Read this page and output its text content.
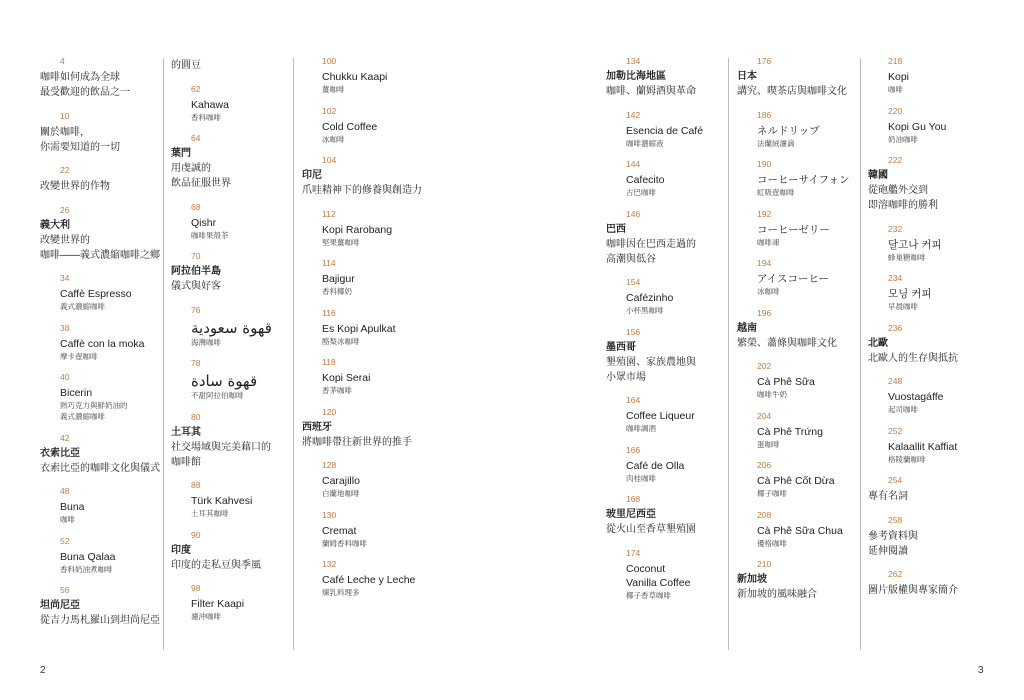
4
咖啡如何成為全球
最受歡迎的飲品之一
10
關於咖啡，
你需要知道的一切
22
改變世界的作物
26
義大利
改變世界的
咖啡——義式濃縮咖啡之鄉
34
Caffè Espresso
義式濃縮咖啡
38
Caffè con la moka
摩卡壺咖啡
40
Bicerin
熱巧克力與鮮奶油的
義式濃縮咖啡
42
衣索比亞
衣索比亞的咖啡文化與儀式
48
Buna
咖啡
52
Buna Qalaa
香料奶油煮咖啡
56
坦尚尼亞
從吉力馬札羅山到坦尚尼亞
的圓豆
62
Kahawa
香料咖啡
64
葉門
用虔誠的
飲品征服世界
68
Qishr
咖啡果殼茶
70
阿拉伯半島
儀式與好客
76
قهوة سعودية
海灣咖啡
78
قهوة سادة
不甜阿拉伯咖啡
80
土耳其
社交場域與完美藉口的
咖啡館
88
Türk Kahvesi
土耳其咖啡
90
印度
印度的走私豆與季風
98
Filter Kaapi
濾沖咖啡
100
Chukku Kaapi
薑咖啡
102
Cold Coffee
冰咖啡
104
印尼
爪哇精神下的修養與創造力
112
Kopi Rarobang
堅果薑咖啡
114
Bajigur
香料椰奶
116
Es Kopi Apulkat
酪梨冰咖啡
118
Kopi Serai
香茅咖啡
120
西班牙
將咖啡帶往新世界的推手
128
Carajillo
白蘭地咖啡
130
Cremat
蘭姆香料咖啡
132
Café Leche y Leche
煉乳料理多
134
加勒比海地區
咖啡、蘭姆酒與革命
142
Esencia de Café
咖啡濃縮液
144
Cafecito
古巴咖啡
146
巴西
咖啡因在巴西走過的
高潮與低谷
154
Cafézinho
小杯黑咖啡
156
墨西哥
墾殖園、家族農地與
小眾市場
164
Coffee Liqueur
咖啡調酒
166
Café de Olla
肉桂咖啡
168
玻里尼西亞
從火山至香草墾殖園
174
Coconut
Vanilla Coffee
椰子香草咖啡
176
日本
講究、喫茶店與咖啡文化
186
ネルドリップ
法蘭絨濾滴
190
コーヒーサイフォン
虹吸壺咖啡
192
コーヒーゼリー
咖啡凍
194
アイスコーヒー
冰咖啡
196
越南
繁榮、蕭條與咖啡文化
202
Cà Phê Sữa
咖啡牛奶
204
Cà Phê Trứng
蛋咖啡
206
Cà Phê Cốt Dừa
椰子咖啡
208
Cà Phê Sữa Chua
優格咖啡
210
新加坡
新加坡的風味融合
218
Kopi
咖啡
220
Kopi Gu You
奶油咖啡
222
韓國
從砲艦外交到
即溶咖啡的勝利
232
달고나 커피
蜂巢糖咖啡
234
모닝 커피
早晨咖啡
236
北歐
北歐人的生存與抵抗
248
Vuostagáffe
起司咖啡
252
Kalaallit Kaffiat
格陵蘭咖啡
254
專有名詞
258
參考資料與
延伸閱讀
262
圖片版權與專家簡介
2	3
